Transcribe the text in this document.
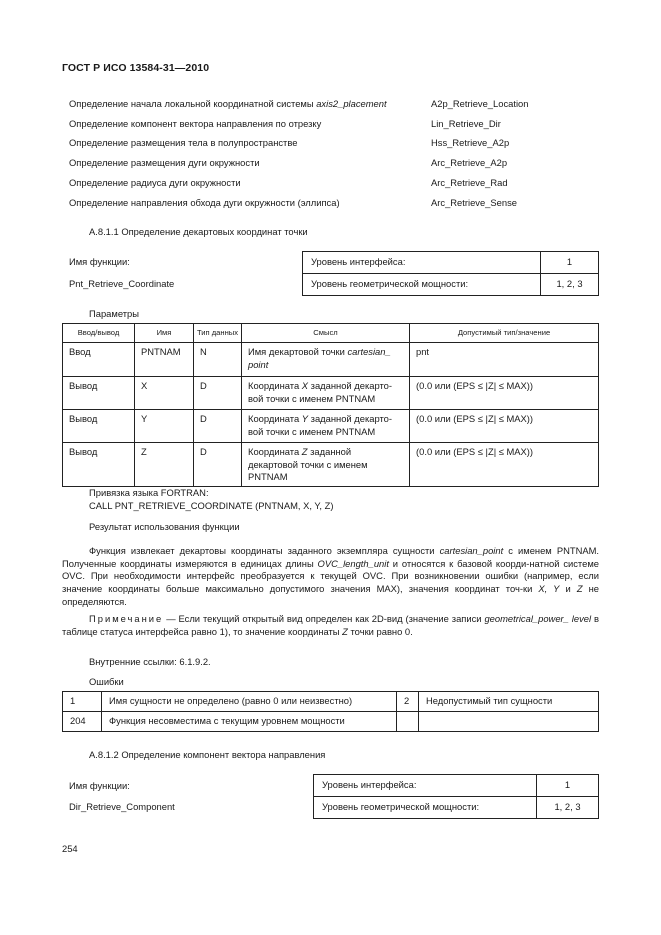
ГОСТ Р ИСО 13584-31—2010
Определение начала локальной координатной системы axis2_placement	A2p_Retrieve_Location
Определение компонент вектора направления по отрезку	Lin_Retrieve_Dir
Определение размещения тела в полупространстве	Hss_Retrieve_A2p
Определение размещения дуги окружности	Arc_Retrieve_A2p
Определение радиуса дуги окружности	Arc_Retrieve_Rad
Определение направления обхода дуги окружности (эллипса)	Arc_Retrieve_Sense
А.8.1.1 Определение декартовых координат точки
Имя функции:
Pnt_Retrieve_Coordinate
Уровень интерфейса:	1
Уровень геометрической мощности:	1, 2, 3
Параметры
Ввод/вывод	Имя	Тип данных	Смысл	Допустимый тип/значение
Ввод	PNTNAM	N	Имя декартовой точки cartesian_ point	pnt
Вывод	X	D	Координата X заданной декарто-вой точки с именем PNTNAM	(0.0 или (EPS ≤ |Z| ≤ MAX))
Вывод	Y	D	Координата Y заданной декарто-вой точки с именем PNTNAM	(0.0 или (EPS ≤ |Z| ≤ MAX))
Вывод	Z	D	Координата Z заданной декартовой точки с именем PNTNAM	(0.0 или (EPS ≤ |Z| ≤ MAX))
Привязка языка FORTRAN:
CALL PNT_RETRIEVE_COORDINATE (PNTNAM, X, Y, Z)
Результат использования функции
Функция извлекает декартовы координаты заданного экземпляра сущности cartesian_point с именем PNTNAM. Полученные координаты измеряются в единицах длины OVC_length_unit и относятся к базовой коорди-натной системе OVC. При необходимости интерфейс преобразуется к текущей OVC. При возникновении ошибки (например, если значение координаты больше максимально допустимого значения MAX), значения координат точ-ки X, Y и Z не определяются.
Примечание — Если текущий открытый вид определен как 2D-вид (значение записи geometrical_power_ level в таблице статуса интерфейса равно 1), то значение координаты Z точки равно 0.
Внутренние ссылки: 6.1.9.2.
Ошибки
1	Имя сущности не определено (равно 0 или неизвестно)	2	Недопустимый тип сущности
204	Функция несовместима с текущим уровнем мощности		
А.8.1.2 Определение компонент вектора направления
Имя функции:
Dir_Retrieve_Component
Уровень интерфейса:	1
Уровень геометрической мощности:	1, 2, 3
254
